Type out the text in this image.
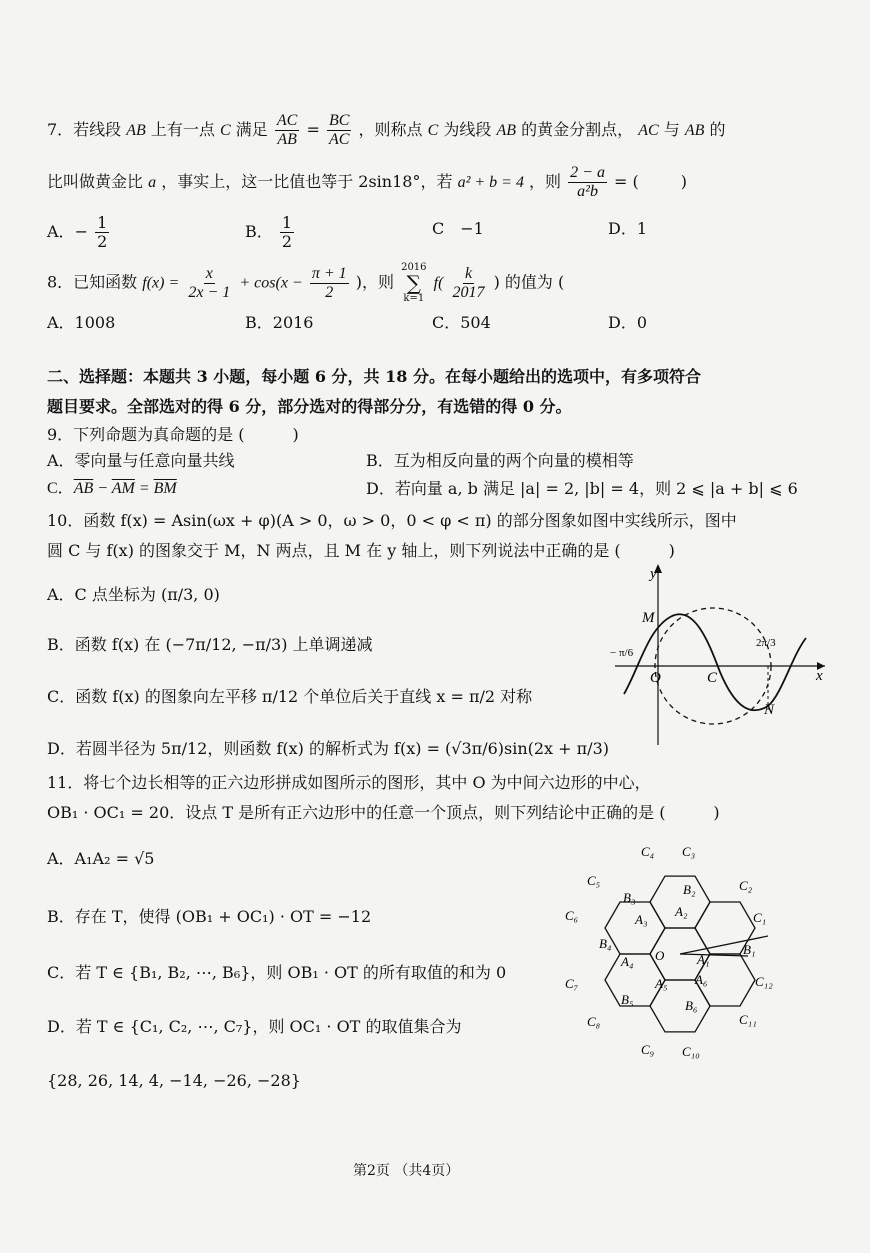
7．若线段 AB 上有一点 C 满足 $\frac{AC}{AB} = \frac{BC}{AC}$ ，则称点 C 为线段 AB 的黄金分割点， AC 与 AB 的
比叫做黄金比 a ，事实上，这一比值也等于 2sin18°，若 a² + b = 4 ，则 $\frac{2 - a}{\text{a²b}}$ = (	)
A．− $\frac{1}{2}$	B． $\frac{1}{2}$	C　−1	D．1
8．已知函数 $f(x) = \frac{x}{2x - 1} + \cos(x - \frac{\pi + 1}{2}$ )，则
2016
∑
k=1
$f( \frac{k}{2017}$ ) 的值为 (
A．1008	B．2016	C．504	D．0
二、选择题：本题共 3 小题，每小题 6 分，共 18 分。在每小题给出的选项中，有多项符合
题目要求。全部选对的得 6 分，部分选对的得部分分，有选错的得 0 分。
9．下列命题为真命题的是 (　　　)
A．零向量与任意向量共线	B．互为相反向量的两个向量的模相等
C．$\overline{AB} - \overline{AM} = \overline{BM}$	D．若向量 a, b 满足 |a| = 2, |b| = 4，则 2 ⩽ |a + b| ⩽ 6
10．函数 f(x) = Asin(ωx + φ)(A > 0，ω > 0，0 < φ < π) 的部分图象如图中实线所示，图中
圆 C 与 f(x) 的图象交于 M，N 两点，且 M 在 y 轴上，则下列说法中正确的是 (　　　)
A．C 点坐标为 (π/3, 0)
B．函数 f(x) 在 (−7π/12, −π/3) 上单调递减
C．函数 f(x) 的图象向左平移 π/12 个单位后关于直线 x = π/2 对称
D．若圆半径为 5π/12，则函数 f(x) 的解析式为 f(x) = (√3π/6)sin(2x + π/3)
y
x
M
O	C
N
− π/6
2π/3
11．将七个边长相等的正六边形拼成如图所示的图形，其中 O 为中间六边形的中心，
OB₁ · OC₁ = 20．设点 T 是所有正六边形中的任意一个顶点，则下列结论中正确的是 (　　　)
A．A₁A₂ = √5
B．存在 T，使得 (OB₁ + OC₁) · OT = −12
C．若 T ∈ {B₁, B₂, ⋯, B₆}，则 OB₁ · OT 的所有取值的和为 0
D．若 T ∈ {C₁, C₂, ⋯, C₇}，则 OC₁ · OT 的取值集合为
{28, 26, 14, 4, −14, −26, −28}
C₄ C₃
C₅	C₂
C₆	C₁
B₃
B₂
A₃
A₂
O	B₁
B₄
A₄	A₁
A₆
C₇	C₁₂
A₅
B₅	B₆
C₈	C₁₁
C₉ C₁₀
第2页 （共4页）
